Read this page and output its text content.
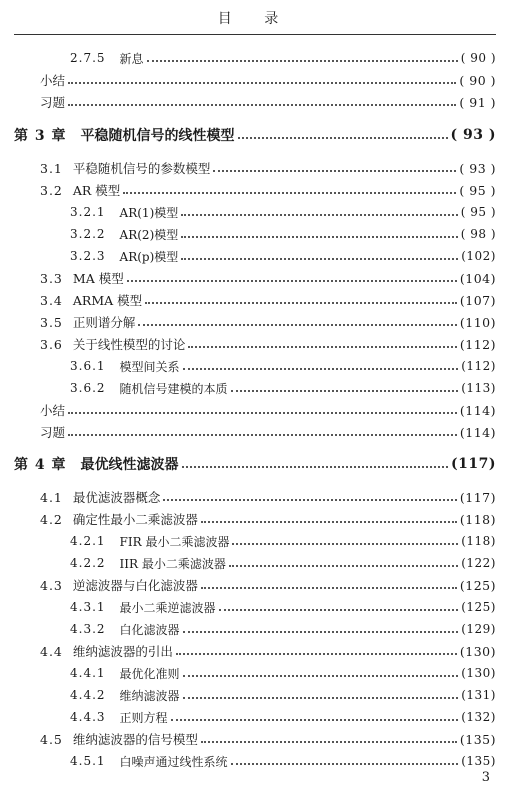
目 录
2.7.5 新息	( 90 )
小结	( 90 )
习题	( 91 )
第 3 章 平稳随机信号的线性模型	( 93 )
3.1 平稳随机信号的参数模型	( 93 )
3.2 AR 模型	( 95 )
3.2.1 AR(1)模型	( 95 )
3.2.2 AR(2)模型	( 98 )
3.2.3 AR(p)模型	(102)
3.3 MA 模型	(104)
3.4 ARMA 模型	(107)
3.5 正则谱分解	(110)
3.6 关于线性模型的讨论	(112)
3.6.1 模型间关系	(112)
3.6.2 随机信号建模的本质	(113)
小结	(114)
习题	(114)
第 4 章 最优线性滤波器	(117)
4.1 最优滤波器概念	(117)
4.2 确定性最小二乘滤波器	(118)
4.2.1 FIR 最小二乘滤波器	(118)
4.2.2 IIR 最小二乘滤波器	(122)
4.3 逆滤波器与白化滤波器	(125)
4.3.1 最小二乘逆滤波器	(125)
4.3.2 白化滤波器	(129)
4.4 维纳滤波器的引出	(130)
4.4.1 最优化准则	(130)
4.4.2 维纳滤波器	(131)
4.4.3 正则方程	(132)
4.5 维纳滤波器的信号模型	(135)
4.5.1 白噪声通过线性系统	(135)
3
